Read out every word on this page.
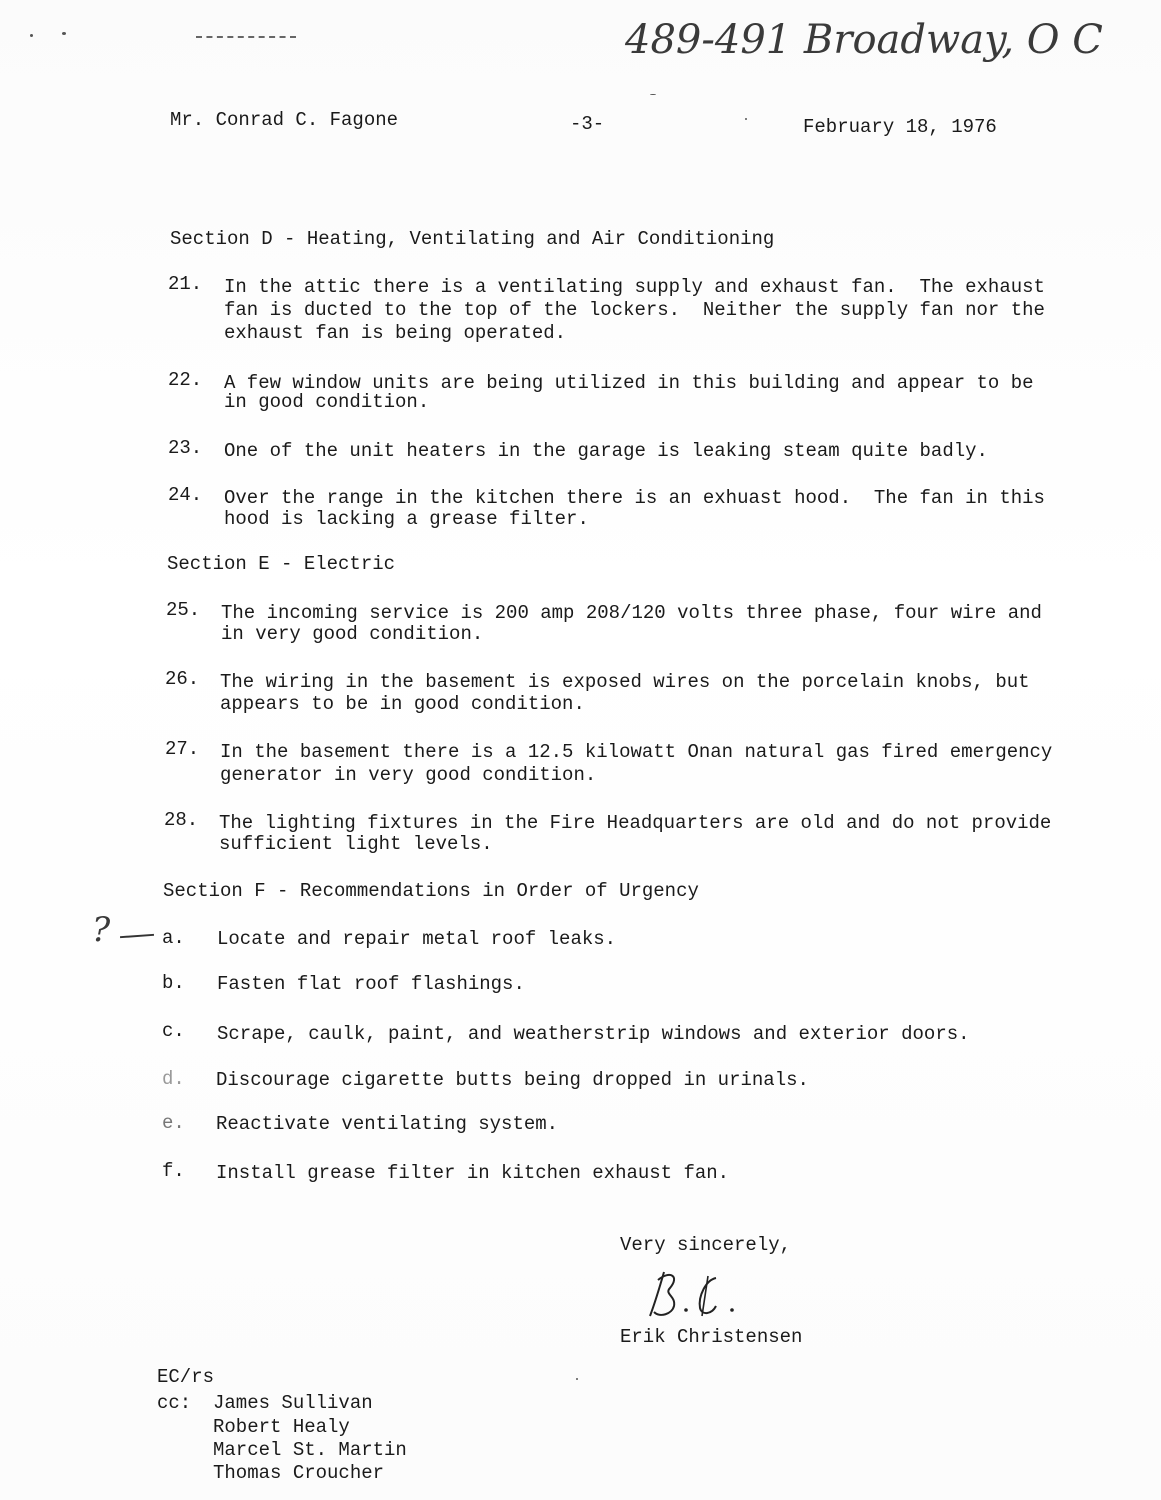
489-491 Broadway, O C
Mr. Conrad C. Fagone	-3-	February 18, 1976
Section D - Heating, Ventilating and Air Conditioning
21. In the attic there is a ventilating supply and exhaust fan.  The exhaust
fan is ducted to the top of the lockers.  Neither the supply fan nor the
exhaust fan is being operated.
22. A few window units are being utilized in this building and appear to be
in good condition.
23. One of the unit heaters in the garage is leaking steam quite badly.
24. Over the range in the kitchen there is an exhuast hood.  The fan in this
hood is lacking a grease filter.
Section E - Electric
25. The incoming service is 200 amp 208/120 volts three phase, four wire and
in very good condition.
26. The wiring in the basement is exposed wires on the porcelain knobs, but
appears to be in good condition.
27. In the basement there is a 12.5 kilowatt Onan natural gas fired emergency
generator in very good condition.
28. The lighting fixtures in the Fire Headquarters are old and do not provide
sufficient light levels.
Section F - Recommendations in Order of Urgency
?	a. Locate and repair metal roof leaks.
b. Fasten flat roof flashings.
c. Scrape, caulk, paint, and weatherstrip windows and exterior doors.
d. Discourage cigarette butts being dropped in urinals.
e. Reactivate ventilating system.
f. Install grease filter in kitchen exhaust fan.
Very sincerely,
Erik Christensen
EC/rs
cc: James Sullivan
Robert Healy
Marcel St. Martin
Thomas Croucher
